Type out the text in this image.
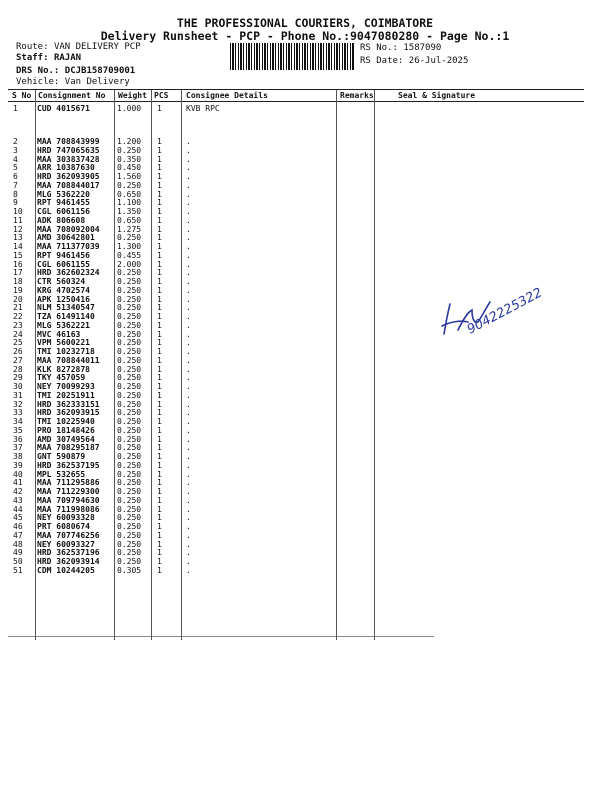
THE PROFESSIONAL COURIERS, COIMBATORE
Delivery Runsheet - PCP - Phone No.:9047080280 - Page No.:1
Route: VAN DELIVERY PCP
Staff: RAJAN
DRS No.: DCJB158709001
Vehicle: Van Delivery
RS No.: 1587090
RS Date: 26-Jul-2025
S No Consignment No Weight PCS Consignee Details	Remarks	Seal & Signature
1 CUD 4015671	1.000 1	KVB RPC
2 MAA 708843999 1.200 1	.
3 HRD 747065635 0.250 1	.
4 MAA 303837428 0.350 1	.
5 ARR 10387630	0.450 1	.
6 HRD 362093905 1.560 1	.
7 MAA 708844017 0.250 1	.
8 MLG 5362220	0.650 1	.
9 RPT 9461455	1.100 1	.
10 CGL 6061156	1.350 1	.
11 ADK 806608	0.650 1	.
12 MAA 708092004 1.275 1	.
13 AMD 30642801	0.250 1	.
14 MAA 711377039 1.300 1	.
15 RPT 9461456	0.455 1	.
16 CGL 6061155	2.000 1	.
17 HRD 362602324 0.250 1	.
18 CTR 560324	0.250 1	.
19 KRG 4702574	0.250 1	.
20 APK 1250416	0.250 1	.
21 NLM 51340547	0.250 1	.
22 TZA 61491140	0.250 1	.
23 MLG 5362221	0.250 1	.
24 MVC 46163	0.250 1	.
25 VPM 5600221	0.250 1	.
26 TMI 10232718	0.250 1	.
27 MAA 708844011 0.250 1	.
28 KLK 8272878	0.250 1	.
29 TKY 457059	0.250 1	.
30 NEY 70099293	0.250 1	.
31 TMI 20251911	0.250 1	.
32 HRD 362333151 0.250 1	.
33 HRD 362093915 0.250 1	.
34 TMI 10225940	0.250 1	.
35 PRO 18148426	0.250 1	.
36 AMD 30749564	0.250 1	.
37 MAA 708295187 0.250 1	.
38 GNT 590879	0.250 1	.
39 HRD 362537195 0.250 1	.
40 MPL 532655	0.250 1	.
41 MAA 711295886 0.250 1	.
42 MAA 711229300 0.250 1	.
43 MAA 709794630 0.250 1	.
44 MAA 711998086 0.250 1	.
45 NEY 60093328	0.250 1	.
46 PRT 6080674	0.250 1	.
47 MAA 707746256 0.250 1	.
48 NEY 60093327	0.250 1	.
49 HRD 362537196 0.250 1	.
50 HRD 362093914 0.250 1	.
51 CDM 10244205	0.305 1	.
9042225322
